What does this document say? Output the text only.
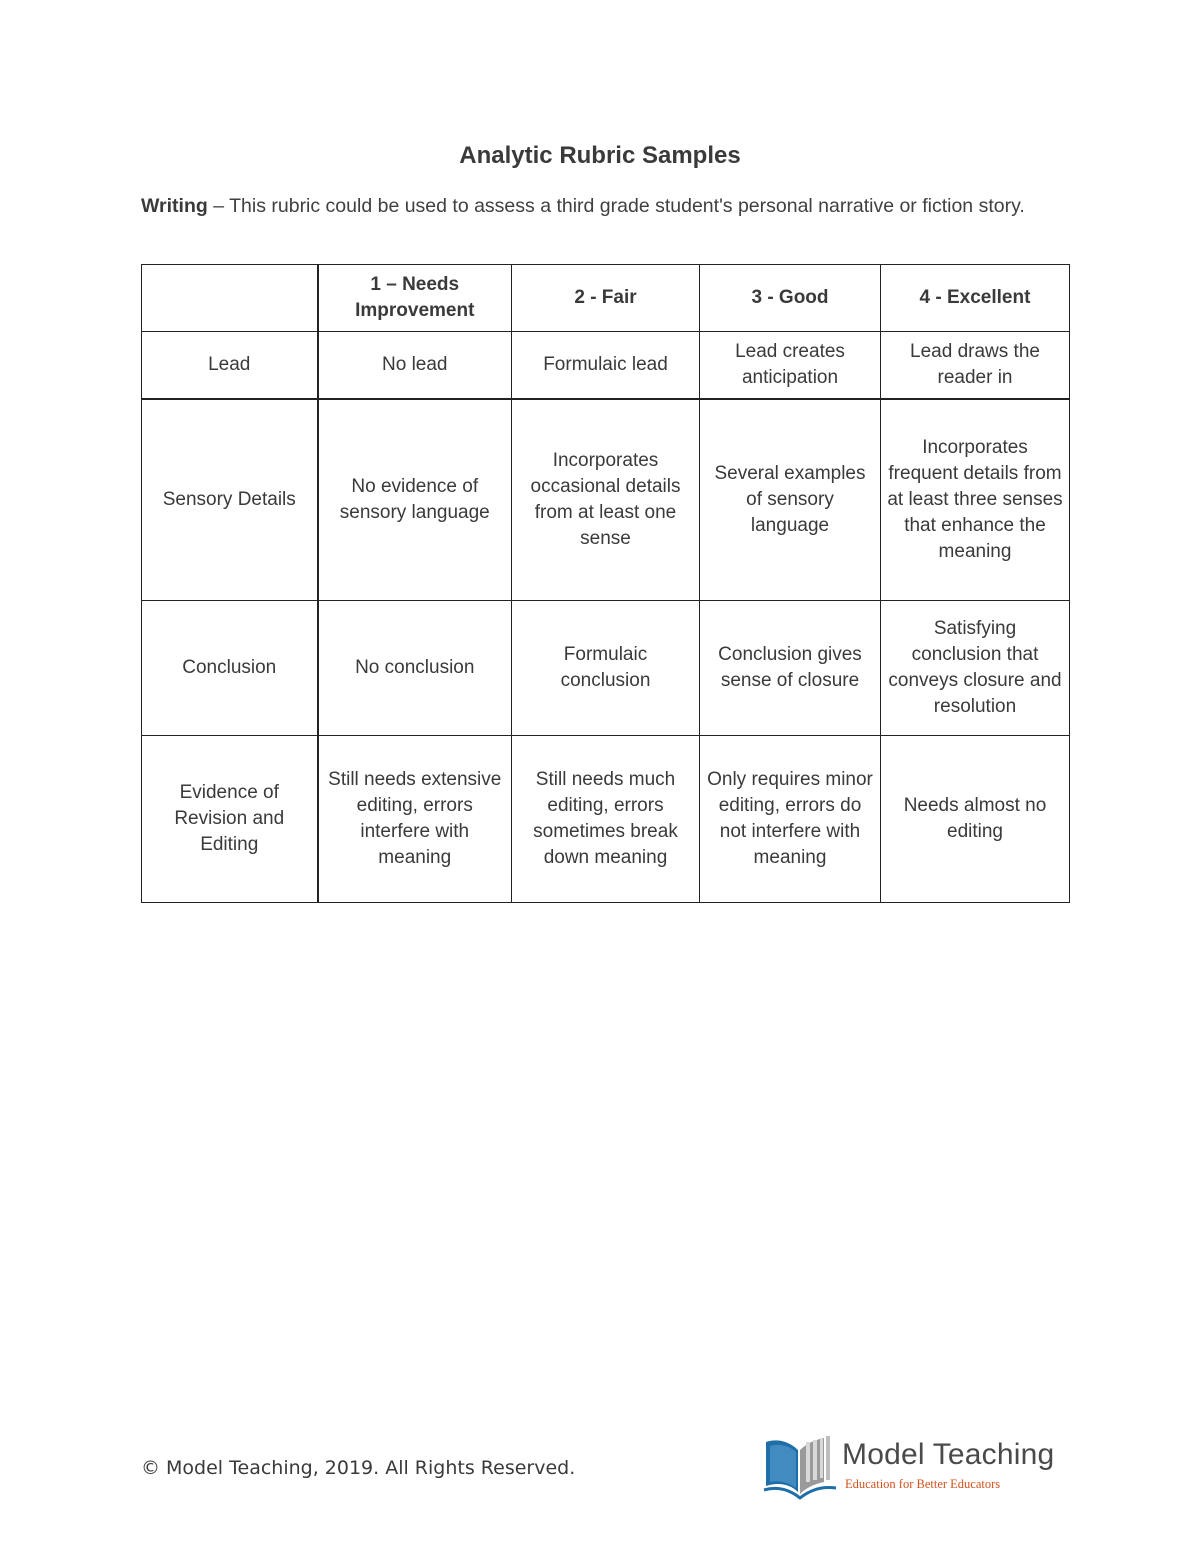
Analytic Rubric Samples
Writing – This rubric could be used to assess a third grade student's personal narrative or fiction story.
	1 – Needs Improvement	2 - Fair	3 - Good	4 - Excellent
Lead	No lead	Formulaic lead	Lead creates anticipation	Lead draws the reader in
Sensory Details	No evidence of sensory language	Incorporates occasional details from at least one sense	Several examples of sensory language	Incorporates frequent details from at least three senses that enhance the meaning
Conclusion	No conclusion	Formulaic conclusion	Conclusion gives sense of closure	Satisfying conclusion that conveys closure and resolution
Evidence of Revision and Editing	Still needs extensive editing, errors interfere with meaning	Still needs much editing, errors sometimes break down meaning	Only requires minor editing, errors do not interfere with meaning	Needs almost no editing
© Model Teaching, 2019. All Rights Reserved.	Model Teaching
Education for Better Educators
